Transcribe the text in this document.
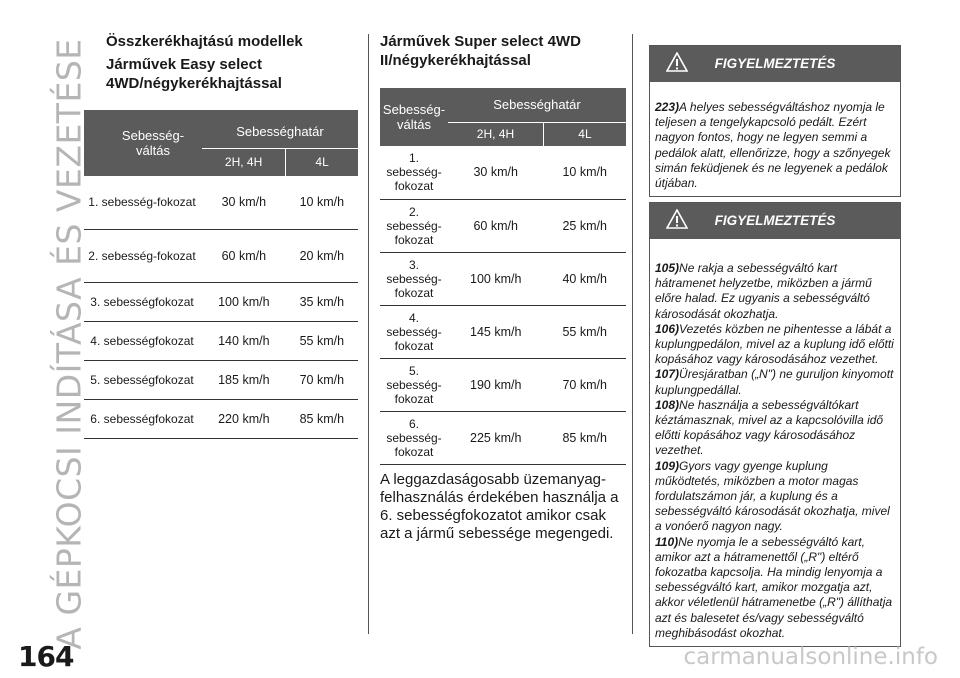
A GÉPKOCSI INDÍTÁSA ÉS VEZETÉSE Összkerékhajtású modellek
Járművek Easy select
4WD/négykerékhajtással
Sebesség-váltás	Sebességhatár	
	2H, 4H	4L
1. sebesség-fokozat	30 km/h	10 km/h
2. sebesség-fokozat	60 km/h	20 km/h
3. sebességfokozat	100 km/h	35 km/h
4. sebességfokozat	140 km/h	55 km/h
5. sebességfokozat	185 km/h	70 km/h
6. sebességfokozat	220 km/h	85 km/h
Járművek Super select 4WD
II/négykerékhajtással
Sebesség-váltás	Sebességhatár	
	2H, 4H	4L
1. sebesség-fokozat	30 km/h	10 km/h
2. sebesség-fokozat	60 km/h	25 km/h
3. sebesség-fokozat	100 km/h	40 km/h
4. sebesség-fokozat	145 km/h	55 km/h
5. sebesség-fokozat	190 km/h	70 km/h
6. sebesség-fokozat	225 km/h	85 km/h
A leggazdaságosabb üzemanyag-felhasználás érdekében használja a 6. sebességfokozatot amikor csak azt a jármű sebessége megengedi.
FIGYELMEZTETÉS
223)A helyes sebességváltáshoz nyomja le teljesen a tengelykapcsoló pedált. Ezért nagyon fontos, hogy ne legyen semmi a pedálok alatt, ellenőrizze, hogy a szőnyegek simán feküdjenek és ne legyenek a pedálok útjában.
FIGYELMEZTETÉS
105)Ne rakja a sebességváltó kart hátramenet helyzetbe, miközben a jármű előre halad. Ez ugyanis a sebességváltó károsodását okozhatja.
106)Vezetés közben ne pihentesse a lábát a kuplungpedálon, mivel az a kuplung idő előtti kopásához vagy károsodásához vezethet.
107)Üresjáratban („N") ne guruljon kinyomott kuplungpedállal.
108)Ne használja a sebességváltókart kéztámasznak, mivel az a kapcsolóvilla idő előtti kopásához vagy károsodásához vezethet.
109)Gyors vagy gyenge kuplung működtetés, miközben a motor magas fordulatszámon jár, a kuplung és a sebességváltó károsodását okozhatja, mivel a vonóerő nagyon nagy.
110)Ne nyomja le a sebességváltó kart, amikor azt a hátramenettől („R") eltérő fokozatba kapcsolja. Ha mindig lenyomja a sebességváltó kart, amikor mozgatja azt, akkor véletlenül hátramenetbe („R") állíthatja azt és balesetet és/vagy sebességváltó meghibásodást okozhat.
164	carmanualsonline.info
